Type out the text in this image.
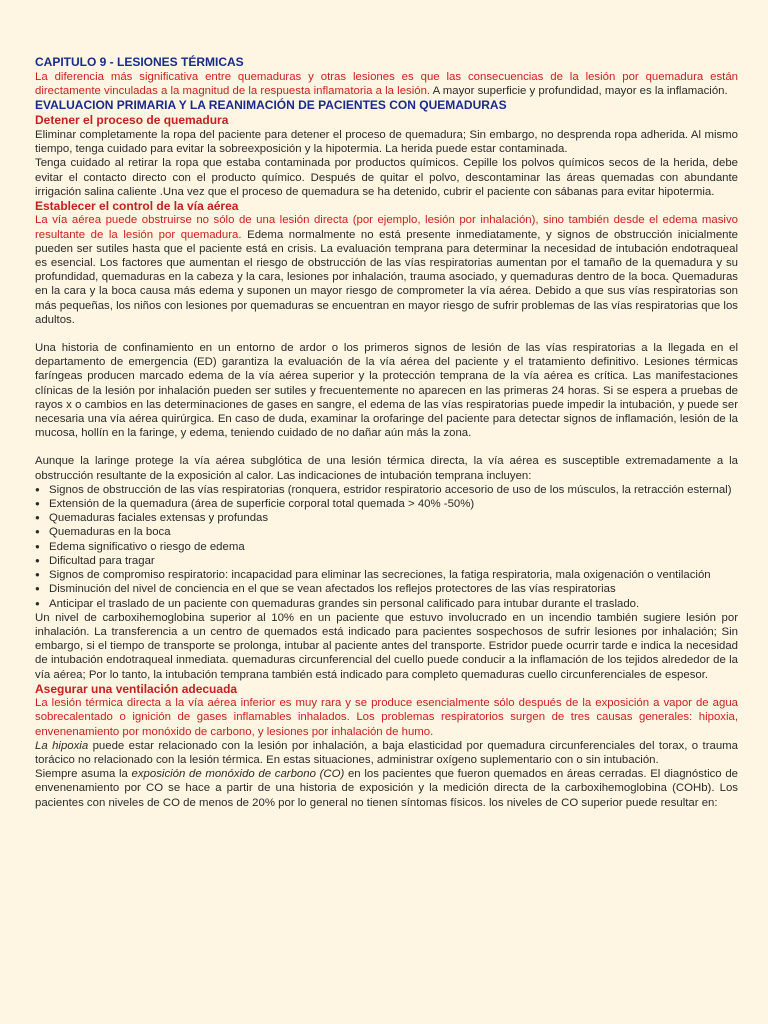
CAPITULO 9 - LESIONES TÉRMICAS

La diferencia más significativa entre quemaduras y otras lesiones es que las consecuencias de la lesión por quemadura están directamente vinculadas a la magnitud de la respuesta inflamatoria a la lesión. A mayor superficie y profundidad, mayor es la inflamación.

EVALUACION PRIMARIA Y LA REANIMACIÓN DE PACIENTES CON QUEMADURAS

Detener el proceso de quemadura

Eliminar completamente la ropa del paciente para detener el proceso de quemadura; Sin embargo, no desprenda ropa adherida. Al mismo tiempo, tenga cuidado para evitar la sobreexposición y la hipotermia. La herida puede estar contaminada.

Tenga cuidado al retirar la ropa que estaba contaminada por productos químicos. Cepille los polvos químicos secos de la herida, debe evitar el contacto directo con el producto químico. Después de quitar el polvo, descontaminar las áreas quemadas con abundante irrigación salina caliente .Una vez que el proceso de quemadura se ha detenido, cubrir el paciente con sábanas para evitar hipotermia.

Establecer el control de la vía aérea

La vía aérea puede obstruirse no sólo de una lesión directa (por ejemplo, lesión por inhalación), sino también desde el edema masivo resultante de la lesión por quemadura. Edema normalmente no está presente inmediatamente, y signos de obstrucción inicialmente pueden ser sutiles hasta que el paciente está en crisis. La evaluación temprana para determinar la necesidad de intubación endotraqueal es esencial. Los factores que aumentan el riesgo de obstrucción de las vías respiratorias aumentan por el tamaño de la quemadura y su profundidad, quemaduras en la cabeza y la cara, lesiones por inhalación, trauma asociado, y quemaduras dentro de la boca. Quemaduras en la cara y la boca causa más edema y suponen un mayor riesgo de comprometer la vía aérea. Debido a que sus vías respiratorias son más pequeñas, los niños con lesiones por quemaduras se encuentran en mayor riesgo de sufrir problemas de las vías respiratorias que los adultos.

Una historia de confinamiento en un entorno de ardor o los primeros signos de lesión de las vías respiratorias a la llegada en el departamento de emergencia (ED) garantiza la evaluación de la vía aérea del paciente y el tratamiento definitivo. Lesiones térmicas faríngeas producen marcado edema de la vía aérea superior y la protección temprana de la vía aérea es crítica. Las manifestaciones clínicas de la lesión por inhalación pueden ser sutiles y frecuentemente no aparecen en las primeras 24 horas. Si se espera a pruebas de rayos x o cambios en las determinaciones de gases en sangre, el edema de las vías respiratorias puede impedir la intubación, y puede ser necesaria una vía aérea quirúrgica. En caso de duda, examinar la orofaringe del paciente para detectar signos de inflamación, lesión de la mucosa, hollín en la faringe, y edema, teniendo cuidado de no dañar aún más la zona.

Aunque la laringe protege la vía aérea subglótica de una lesión térmica directa, la vía aérea es susceptible extremadamente a la obstrucción resultante de la exposición al calor. Las indicaciones de intubación temprana incluyen:

● Signos de obstrucción de las vías respiratorias (ronquera, estridor respiratorio accesorio de uso de los músculos, la retracción esternal)
● Extensión de la quemadura (área de superficie corporal total quemada > 40% -50%)
● Quemaduras faciales extensas y profundas
● Quemaduras en la boca
● Edema significativo o riesgo de edema
● Dificultad para tragar
● Signos de compromiso respiratorio: incapacidad para eliminar las secreciones, la fatiga respiratoria, mala oxigenación o ventilación
● Disminución del nivel de conciencia en el que se vean afectados los reflejos protectores de las vías respiratorias
● Anticipar el traslado de un paciente con quemaduras grandes sin personal calificado para intubar durante el traslado.

Un nivel de carboxihemoglobina superior al 10% en un paciente que estuvo involucrado en un incendio también sugiere lesión por inhalación. La transferencia a un centro de quemados está indicado para pacientes sospechosos de sufrir lesiones por inhalación; Sin embargo, si el tiempo de transporte se prolonga, intubar al paciente antes del transporte. Estridor puede ocurrir tarde e indica la necesidad de intubación endotraqueal inmediata. quemaduras circunferencial del cuello puede conducir a la inflamación de los tejidos alrededor de la vía aérea; Por lo tanto, la intubación temprana también está indicado para completo quemaduras cuello circunferenciales de espesor.

Asegurar una ventilación adecuada

La lesión térmica directa a la vía aérea inferior es muy rara y se produce esencialmente sólo después de la exposición a vapor de agua sobrecalentado o ignición de gases inflamables inhalados. Los problemas respiratorios surgen de tres causas generales: hipoxia, envenenamiento por monóxido de carbono, y lesiones por inhalación de humo.

La hipoxia puede estar relacionado con la lesión por inhalación, a baja elasticidad por quemadura circunferenciales del torax, o trauma torácico no relacionado con la lesión térmica. En estas situaciones, administrar oxígeno suplementario con o sin intubación.

Siempre asuma la exposición de monóxido de carbono (CO) en los pacientes que fueron quemados en áreas cerradas. El diagnóstico de envenenamiento por CO se hace a partir de una historia de exposición y la medición directa de la carboxihemoglobina (COHb). Los pacientes con niveles de CO de menos de 20% por lo general no tienen síntomas físicos. los niveles de CO superior puede resultar en:
